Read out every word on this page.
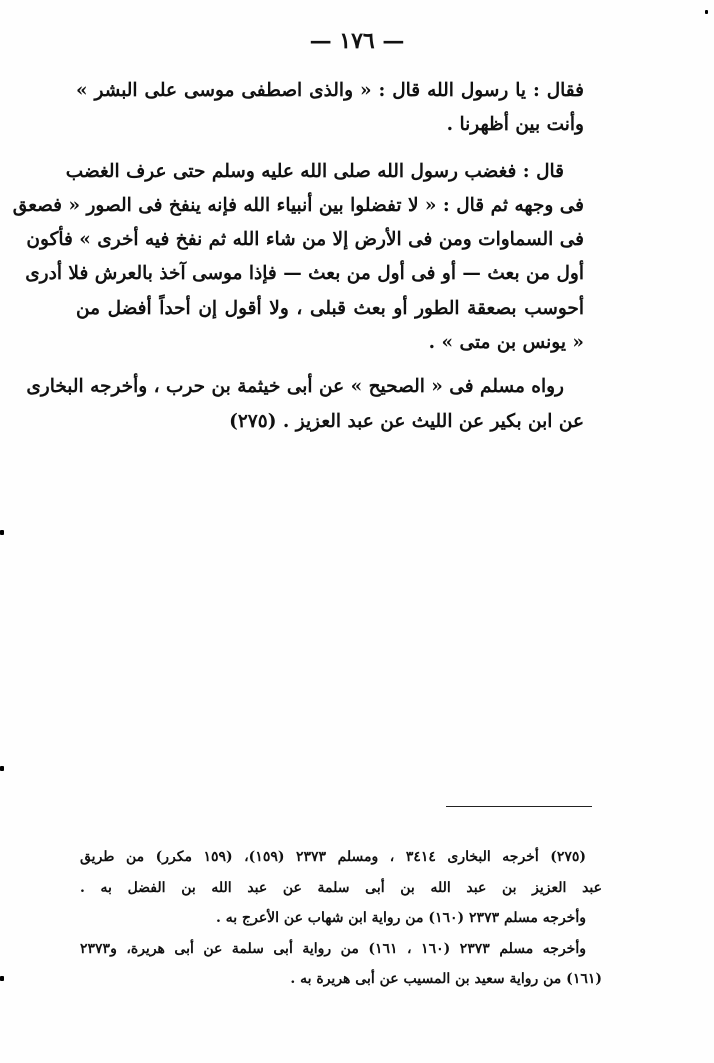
— ١٧٦ —

فقال : يا رسول الله قال : « والذى اصطفى موسى على البشر »
وأنت بين أظهرنا .

قال : فغضب رسول الله صلى الله عليه وسلم حتى عرف الغضب
فى وجهه ثم قال : « لا تفضلوا بين أنبياء الله فإنه ينفخ فى الصور « فصعق
فى السماوات ومن فى الأرض إلا من شاء الله ثم نفخ فيه أخرى » فأكون
أول من بعث — أو فى أول من بعث — فإذا موسى آخذ بالعرش فلا أدرى
أحوسب بصعقة الطور أو بعث قبلى ، ولا أقول إن أحداً أفضل من
« يونس بن متى » .

رواه مسلم فى « الصحيح » عن أبى خيثمة بن حرب ، وأخرجه البخارى
عن ابن بكير عن الليث عن عبد العزيز . (٢٧٥)

(٢٧٥) أخرجه البخارى ٣٤١٤ ، ومسلم ٢٣٧٣ (١٥٩)، (١٥٩ مكرر) من طريق
عبد العزيز بن عبد الله بن أبى سلمة عن عبد الله بن الفضل به .
وأخرجه مسلم ٢٣٧٣ (١٦٠) من رواية ابن شهاب عن الأعرج به .
وأخرجه مسلم ٢٣٧٣ (١٦٠ ، ١٦١) من رواية أبى سلمة عن أبى هريرة، و٢٣٧٣
(١٦١) من رواية سعيد بن المسيب عن أبى هريرة به .
